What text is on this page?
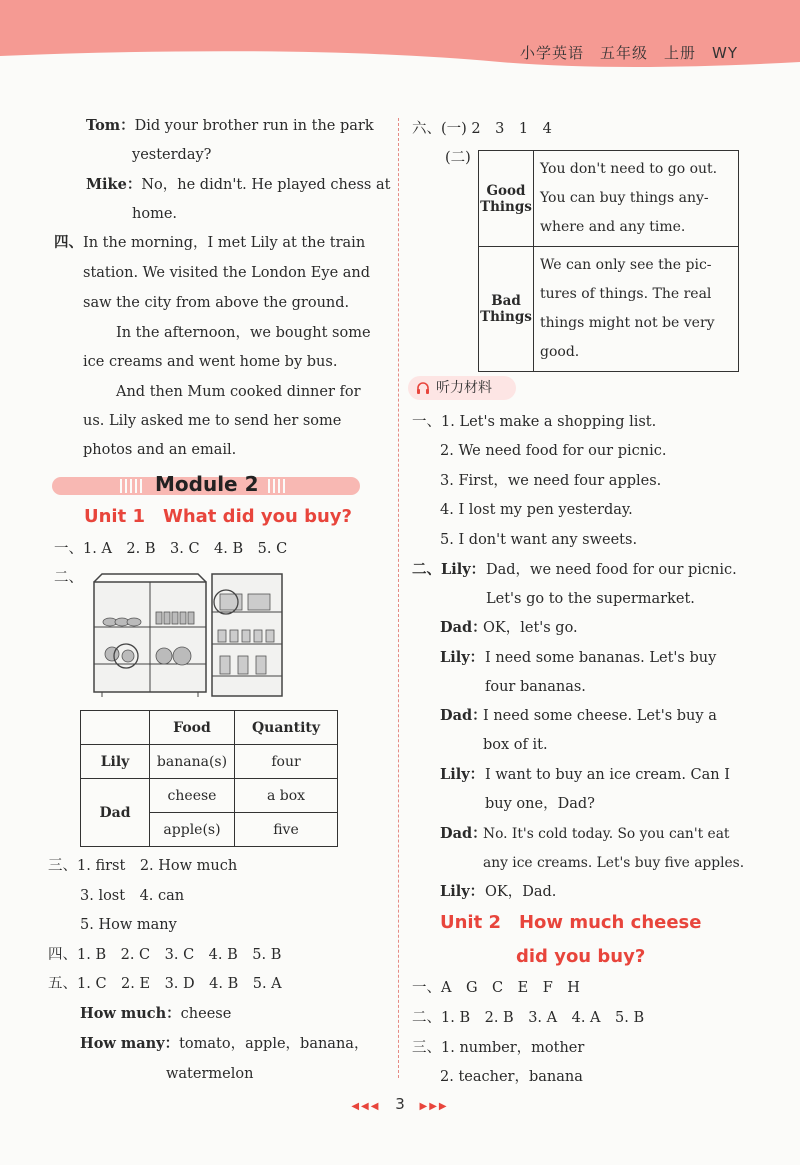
小学英语　五年级　上册　WY
Tom：Did your brother run in the park
yesterday?
Mike：No，he didn't. He played chess at
home.
四、 In the morning，I met Lily at the train
station. We visited the London Eye and
saw the city from above the ground.
In the afternoon，we bought some
ice creams and went home by bus.
And then Mum cooked dinner for
us. Lily asked me to send her some
photos and an email.
Module 2
Unit 1　What did you buy?
一、1. A　2. B　3. C　4. B　5. C
二、
	Food	Quantity
Lily	banana(s)	four
Dad	cheese	a box
	apple(s)	five
三、1. first　2. How much
3. lost　4. can
5. How many
四、1. B　2. C　3. C　4. B　5. B
五、1. C　2. E　3. D　4. B　5. A
How much：cheese
How many：tomato，apple，banana，
watermelon
六、(一) 2　3　1　4
(二)
Good Things	You don't need to go out.
You can buy things any-
where and any time.

Bad Things	We can only see the pic-
tures of things. The real
things might not be very
good.
听力材料
一、1. Let's make a shopping list.
2. We need food for our picnic.
3. First，we need four apples.
4. I lost my pen yesterday.
5. I don't want any sweets.
二、Lily： Dad，we need food for our picnic.
Let's go to the supermarket.
Dad：
OK，let's go.
Lily： I need some bananas. Let's buy
four bananas.
Dad：
I need some cheese. Let's buy a
box of it.
Lily： I want to buy an ice cream. Can I
buy one，Dad?
Dad：
No. It's cold today. So you can't eat
any ice creams. Let's buy five apples.
Lily： OK，Dad.
Unit 2　How much cheese
did you buy?
一、A　G　C　E　F　H
二、1. B　2. B　3. A　4. A　5. B
三、1. number，mother
2. teacher，banana
◀◀◀ 3 ▶▶▶
